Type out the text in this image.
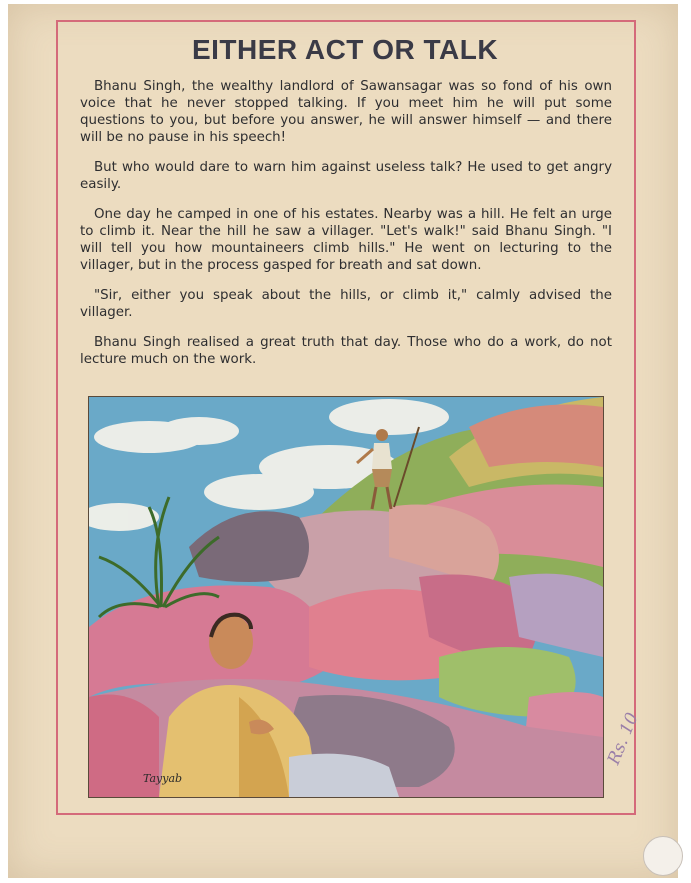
EITHER ACT OR TALK

Bhanu Singh, the wealthy landlord of Sawansagar was so fond of his own voice that he never stopped talking. If you meet him he will put some questions to you, but before you answer, he will answer himself — and there will be no pause in his speech!

But who would dare to warn him against useless talk? He used to get angry easily.

One day he camped in one of his estates. Nearby was a hill. He felt an urge to climb it. Near the hill he saw a villager. "Let's walk!" said Bhanu Singh. "I will tell you how mountaineers climb hills." He went on lecturing to the villager, but in the process gasped for breath and sat down.

"Sir, either you speak about the hills, or climb it," calmly advised the villager.

Bhanu Singh realised a great truth that day. Those who do a work, do not lecture much on the work.

Tayyab
Rs. 10
